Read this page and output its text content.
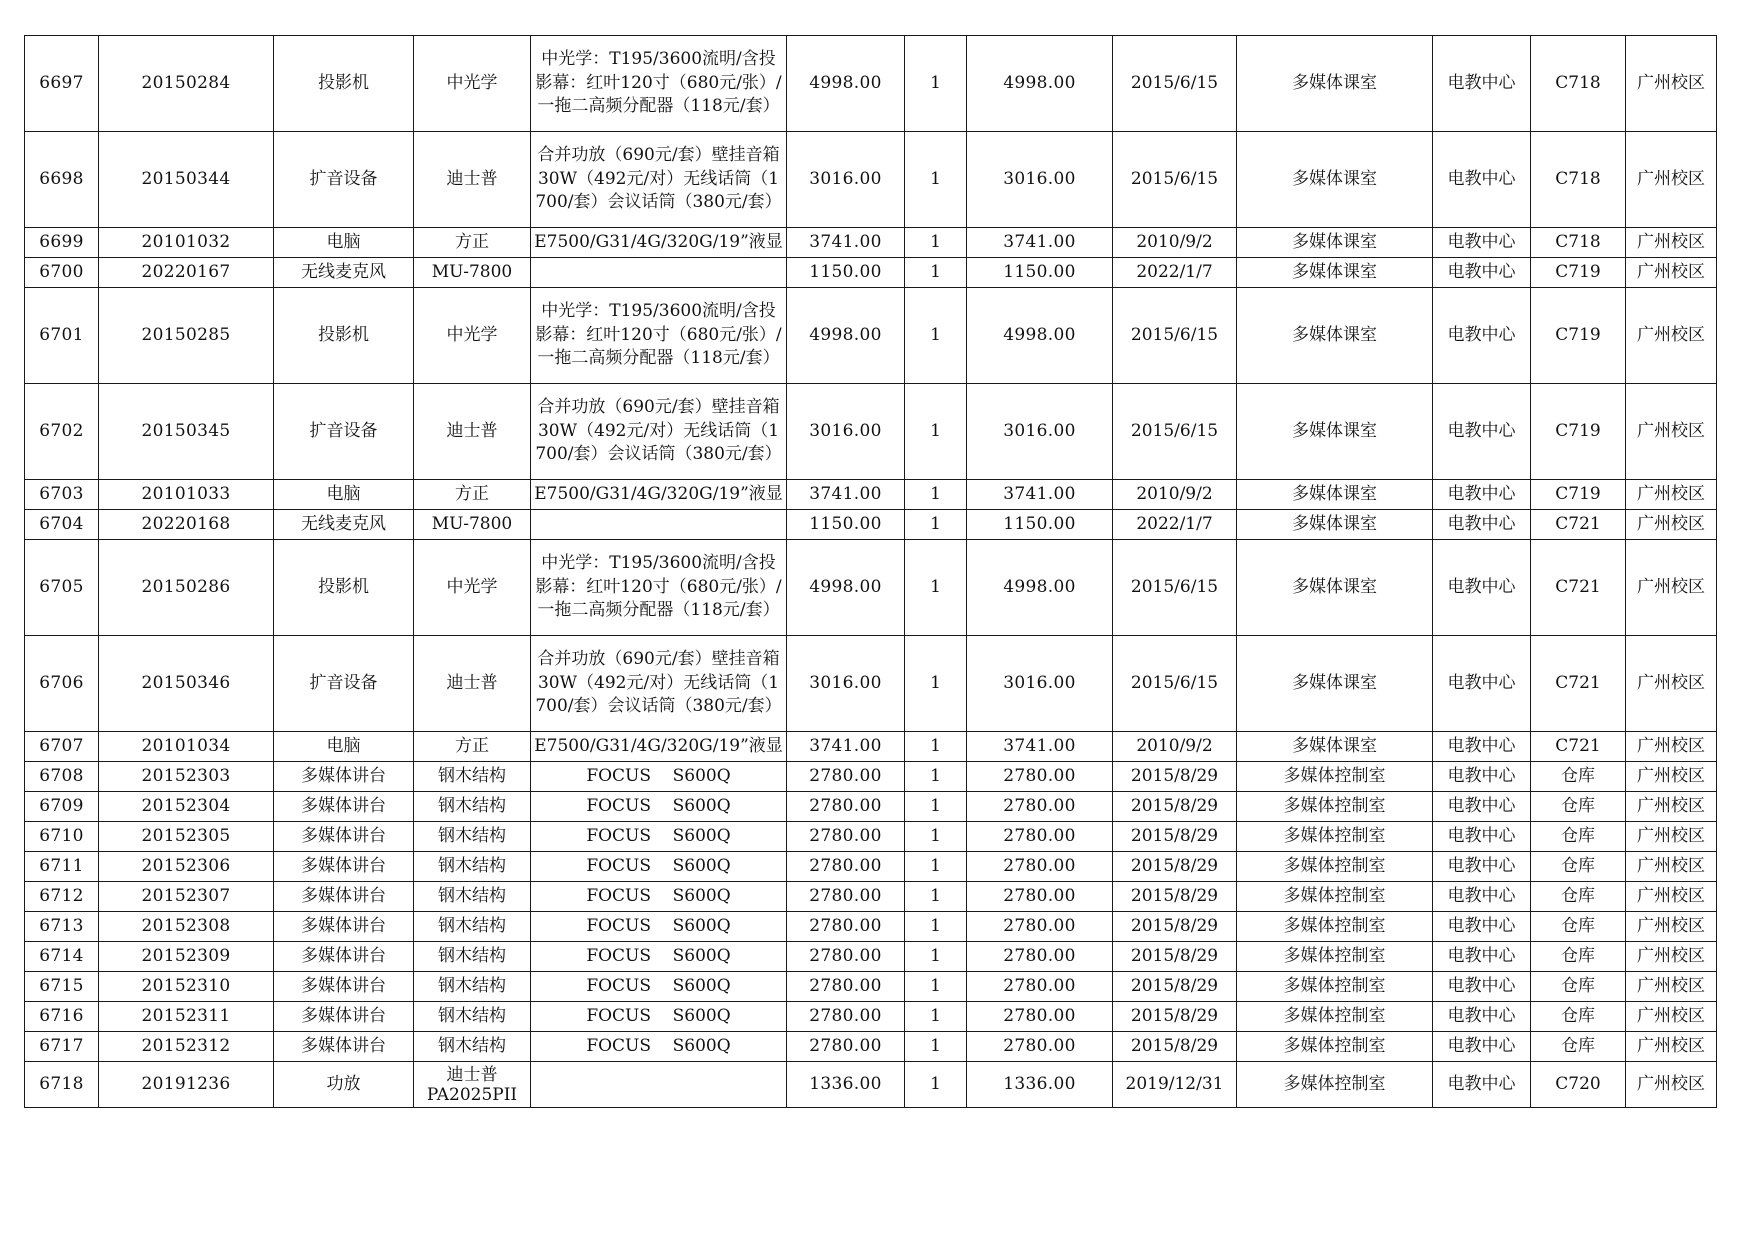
6697	20150284	投影机	中光学	中光学：T195/3600流明/含投影幕：红叶120寸（680元/张）/一拖二高频分配器（118元/套）	4998.00	1	4998.00	2015/6/15	多媒体课室	电教中心	C718	广州校区
6698	20150344	扩音设备	迪士普	合并功放（690元/套）壁挂音箱30W（492元/对）无线话筒（1700/套）会议话筒（380元/套）	3016.00	1	3016.00	2015/6/15	多媒体课室	电教中心	C718	广州校区
6699	20101032	电脑	方正	E7500/G31/4G/320G/19”液显	3741.00	1	3741.00	2010/9/2	多媒体课室	电教中心	C718	广州校区
6700	20220167	无线麦克风	MU-7800		1150.00	1	1150.00	2022/1/7	多媒体课室	电教中心	C719	广州校区
6701	20150285	投影机	中光学	中光学：T195/3600流明/含投影幕：红叶120寸（680元/张）/一拖二高频分配器（118元/套）	4998.00	1	4998.00	2015/6/15	多媒体课室	电教中心	C719	广州校区
6702	20150345	扩音设备	迪士普	合并功放（690元/套）壁挂音箱30W（492元/对）无线话筒（1700/套）会议话筒（380元/套）	3016.00	1	3016.00	2015/6/15	多媒体课室	电教中心	C719	广州校区
6703	20101033	电脑	方正	E7500/G31/4G/320G/19”液显	3741.00	1	3741.00	2010/9/2	多媒体课室	电教中心	C719	广州校区
6704	20220168	无线麦克风	MU-7800		1150.00	1	1150.00	2022/1/7	多媒体课室	电教中心	C721	广州校区
6705	20150286	投影机	中光学	中光学：T195/3600流明/含投影幕：红叶120寸（680元/张）/一拖二高频分配器（118元/套）	4998.00	1	4998.00	2015/6/15	多媒体课室	电教中心	C721	广州校区
6706	20150346	扩音设备	迪士普	合并功放（690元/套）壁挂音箱30W（492元/对）无线话筒（1700/套）会议话筒（380元/套）	3016.00	1	3016.00	2015/6/15	多媒体课室	电教中心	C721	广州校区
6707	20101034	电脑	方正	E7500/G31/4G/320G/19”液显	3741.00	1	3741.00	2010/9/2	多媒体课室	电教中心	C721	广州校区
6708	20152303	多媒体讲台	钢木结构	FOCUS    S600Q	2780.00	1	2780.00	2015/8/29	多媒体控制室	电教中心	仓库	广州校区
6709	20152304	多媒体讲台	钢木结构	FOCUS    S600Q	2780.00	1	2780.00	2015/8/29	多媒体控制室	电教中心	仓库	广州校区
6710	20152305	多媒体讲台	钢木结构	FOCUS    S600Q	2780.00	1	2780.00	2015/8/29	多媒体控制室	电教中心	仓库	广州校区
6711	20152306	多媒体讲台	钢木结构	FOCUS    S600Q	2780.00	1	2780.00	2015/8/29	多媒体控制室	电教中心	仓库	广州校区
6712	20152307	多媒体讲台	钢木结构	FOCUS    S600Q	2780.00	1	2780.00	2015/8/29	多媒体控制室	电教中心	仓库	广州校区
6713	20152308	多媒体讲台	钢木结构	FOCUS    S600Q	2780.00	1	2780.00	2015/8/29	多媒体控制室	电教中心	仓库	广州校区
6714	20152309	多媒体讲台	钢木结构	FOCUS    S600Q	2780.00	1	2780.00	2015/8/29	多媒体控制室	电教中心	仓库	广州校区
6715	20152310	多媒体讲台	钢木结构	FOCUS    S600Q	2780.00	1	2780.00	2015/8/29	多媒体控制室	电教中心	仓库	广州校区
6716	20152311	多媒体讲台	钢木结构	FOCUS    S600Q	2780.00	1	2780.00	2015/8/29	多媒体控制室	电教中心	仓库	广州校区
6717	20152312	多媒体讲台	钢木结构	FOCUS    S600Q	2780.00	1	2780.00	2015/8/29	多媒体控制室	电教中心	仓库	广州校区
6718	20191236	功放	迪士普 PA2025PII		1336.00	1	1336.00	2019/12/31	多媒体控制室	电教中心	C720	广州校区
